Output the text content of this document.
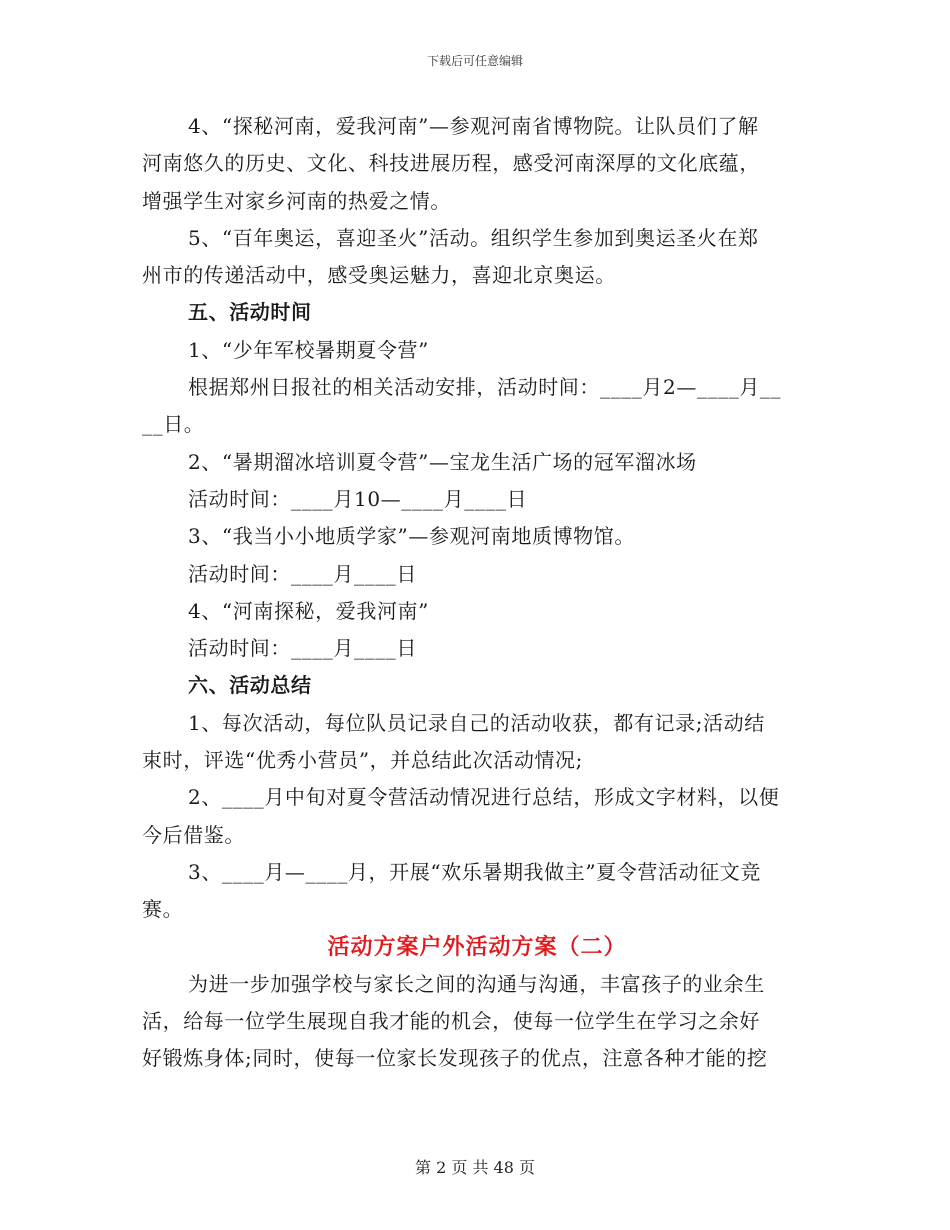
下载后可任意编辑

4、“探秘河南，爱我河南”—参观河南省博物院。让队员们了解

河南悠久的历史、文化、科技进展历程，感受河南深厚的文化底蕴，

增强学生对家乡河南的热爱之情。

5、“百年奥运，喜迎圣火”活动。组织学生参加到奥运圣火在郑

州市的传递活动中，感受奥运魅力，喜迎北京奥运。

五、活动时间

1、“少年军校暑期夏令营”

根据郑州日报社的相关活动安排，活动时间：____月2—____月__

__日。

2、“暑期溜冰培训夏令营”—宝龙生活广场的冠军溜冰场

活动时间：____月10—____月____日

3、“我当小小地质学家”—参观河南地质博物馆。

活动时间：____月____日

4、“河南探秘，爱我河南”

活动时间：____月____日

六、活动总结

1、每次活动，每位队员记录自己的活动收获，都有记录;活动结

束时，评选“优秀小营员”，并总结此次活动情况;

2、____月中旬对夏令营活动情况进行总结，形成文字材料，以便

今后借鉴。

3、____月—____月，开展“欢乐暑期我做主”夏令营活动征文竞

赛。

活动方案户外活动方案（二）

为进一步加强学校与家长之间的沟通与沟通，丰富孩子的业余生

活，给每一位学生展现自我才能的机会，使每一位学生在学习之余好

好锻炼身体;同时，使每一位家长发现孩子的优点，注意各种才能的挖

第 2 页 共 48 页
